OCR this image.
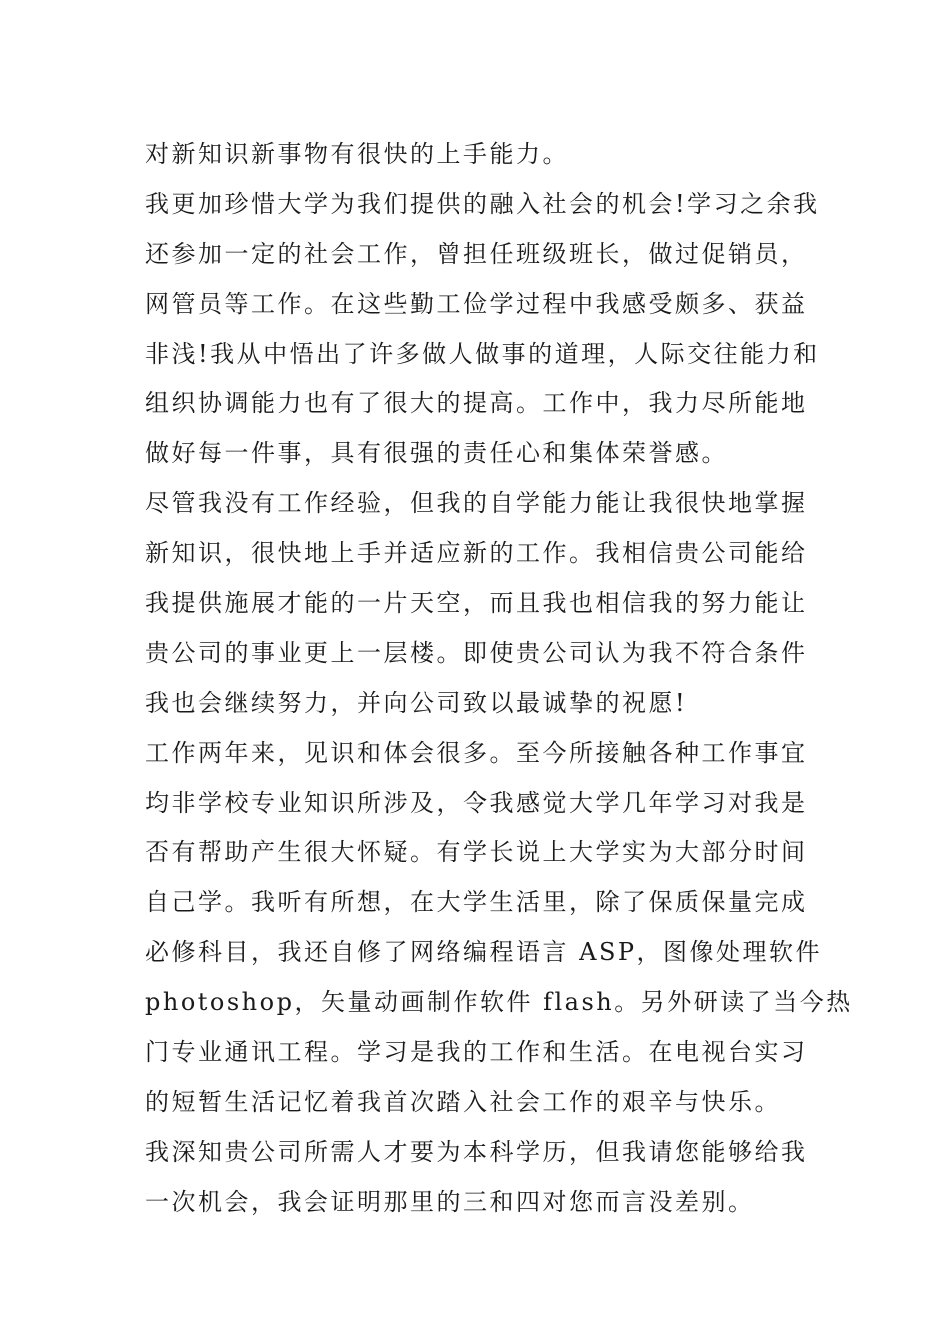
对新知识新事物有很快的上手能力。
我更加珍惜大学为我们提供的融入社会的机会!学习之余我
还参加一定的社会工作，曾担任班级班长，做过促销员，
网管员等工作。在这些勤工俭学过程中我感受颇多、获益
非浅!我从中悟出了许多做人做事的道理，人际交往能力和
组织协调能力也有了很大的提高。工作中，我力尽所能地
做好每一件事，具有很强的责任心和集体荣誉感。
尽管我没有工作经验，但我的自学能力能让我很快地掌握
新知识，很快地上手并适应新的工作。我相信贵公司能给
我提供施展才能的一片天空，而且我也相信我的努力能让
贵公司的事业更上一层楼。即使贵公司认为我不符合条件
我也会继续努力，并向公司致以最诚挚的祝愿!
工作两年来，见识和体会很多。至今所接触各种工作事宜
均非学校专业知识所涉及，令我感觉大学几年学习对我是
否有帮助产生很大怀疑。有学长说上大学实为大部分时间
自己学。我听有所想，在大学生活里，除了保质保量完成
必修科目，我还自修了网络编程语言 ASP，图像处理软件
photoshop，矢量动画制作软件 flash。另外研读了当今热
门专业通讯工程。学习是我的工作和生活。在电视台实习
的短暂生活记忆着我首次踏入社会工作的艰辛与快乐。
我深知贵公司所需人才要为本科学历，但我请您能够给我
一次机会，我会证明那里的三和四对您而言没差别。
